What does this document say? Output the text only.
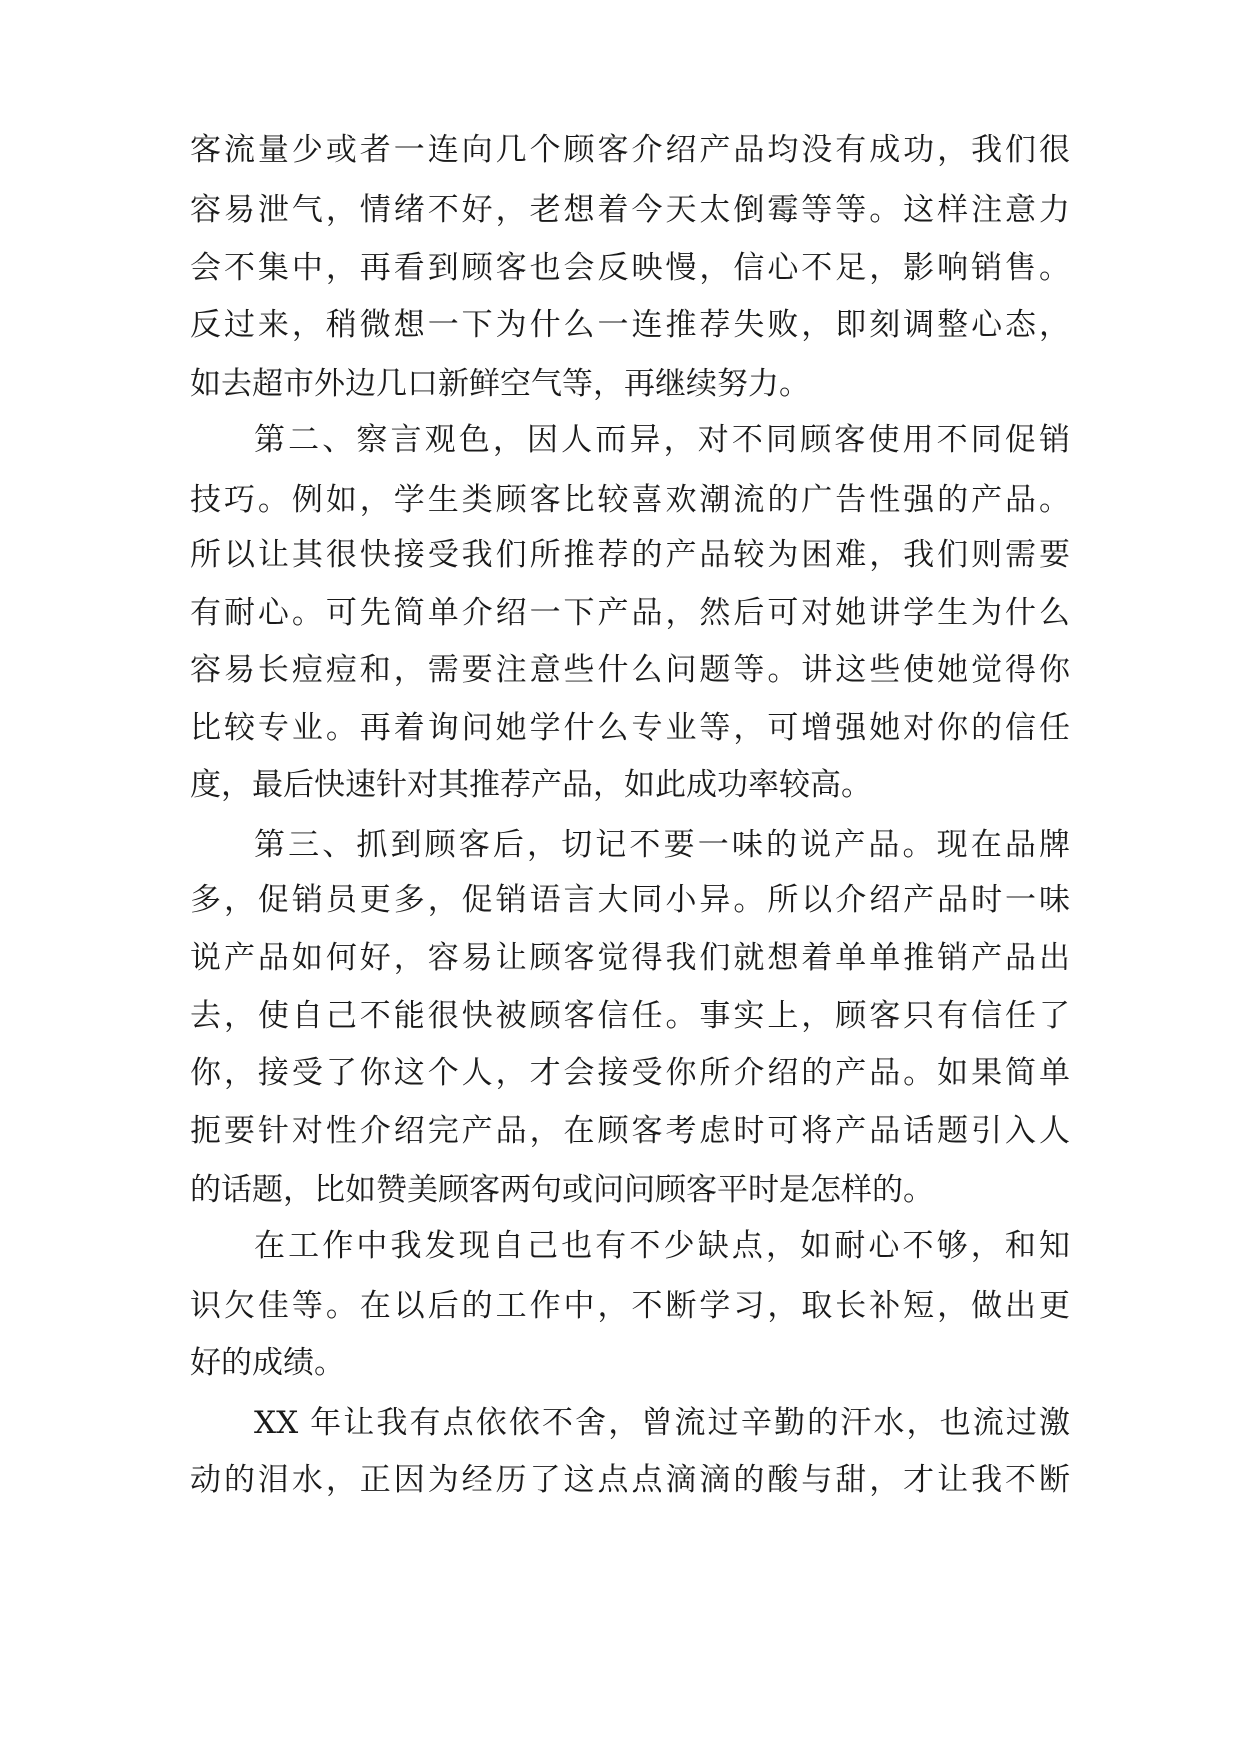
客流量少或者一连向几个顾客介绍产品均没有成功，我们很
容易泄气，情绪不好，老想着今天太倒霉等等。这样注意力
会不集中，再看到顾客也会反映慢，信心不足，影响销售。
反过来，稍微想一下为什么一连推荐失败，即刻调整心态，
如去超市外边几口新鲜空气等，再继续努力。
第二、察言观色，因人而异，对不同顾客使用不同促销
技巧。例如，学生类顾客比较喜欢潮流的广告性强的产品。
所以让其很快接受我们所推荐的产品较为困难，我们则需要
有耐心。可先简单介绍一下产品，然后可对她讲学生为什么
容易长痘痘和，需要注意些什么问题等。讲这些使她觉得你
比较专业。再着询问她学什么专业等，可增强她对你的信任
度，最后快速针对其推荐产品，如此成功率较高。
第三、抓到顾客后，切记不要一味的说产品。现在品牌
多，促销员更多，促销语言大同小异。所以介绍产品时一味
说产品如何好，容易让顾客觉得我们就想着单单推销产品出
去，使自己不能很快被顾客信任。事实上，顾客只有信任了
你，接受了你这个人，才会接受你所介绍的产品。如果简单
扼要针对性介绍完产品，在顾客考虑时可将产品话题引入人
的话题，比如赞美顾客两句或问问顾客平时是怎样的。
在工作中我发现自己也有不少缺点，如耐心不够，和知
识欠佳等。在以后的工作中，不断学习，取长补短，做出更
好的成绩。
XX 年让我有点依依不舍，曾流过辛勤的汗水，也流过激
动的泪水，正因为经历了这点点滴滴的酸与甜，才让我不断
